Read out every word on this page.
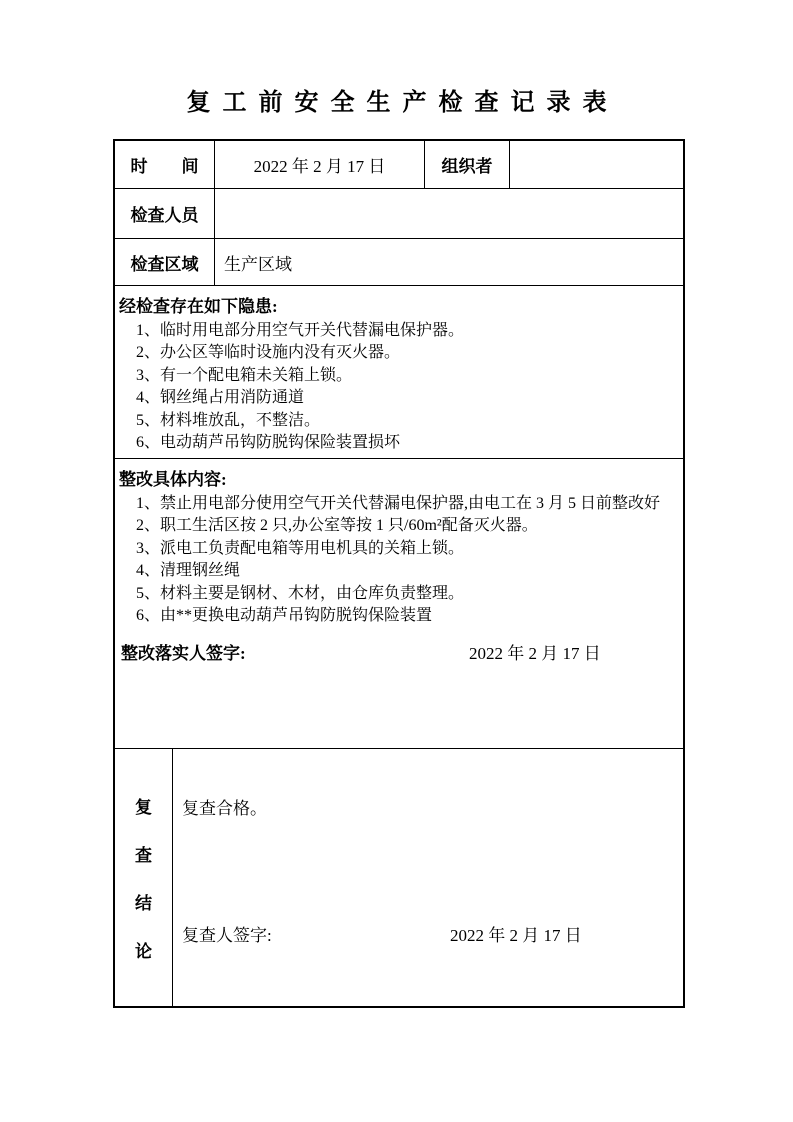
复工前安全生产检查记录表
时　　间	2022 年 2 月 17 日	组织者
检查人员
检查区域	生产区域
经检查存在如下隐患:
1、临时用电部分用空气开关代替漏电保护器。
2、办公区等临时设施内没有灭火器。
3、有一个配电箱未关箱上锁。
4、钢丝绳占用消防通道
5、材料堆放乱，不整洁。
6、电动葫芦吊钩防脱钩保险装置损坏
整改具体内容:
1、禁止用电部分使用空气开关代替漏电保护器,由电工在 3 月 5 日前整改好
2、职工生活区按 2 只,办公室等按 1 只/60m²配备灭火器。
3、派电工负责配电箱等用电机具的关箱上锁。
4、清理钢丝绳
5、材料主要是钢材、木材，由仓库负责整理。
6、由**更换电动葫芦吊钩防脱钩保险装置
整改落实人签字:	2022 年 2 月 17 日
复
查
结
论
复查合格。
复查人签字:	2022 年 2 月 17 日
